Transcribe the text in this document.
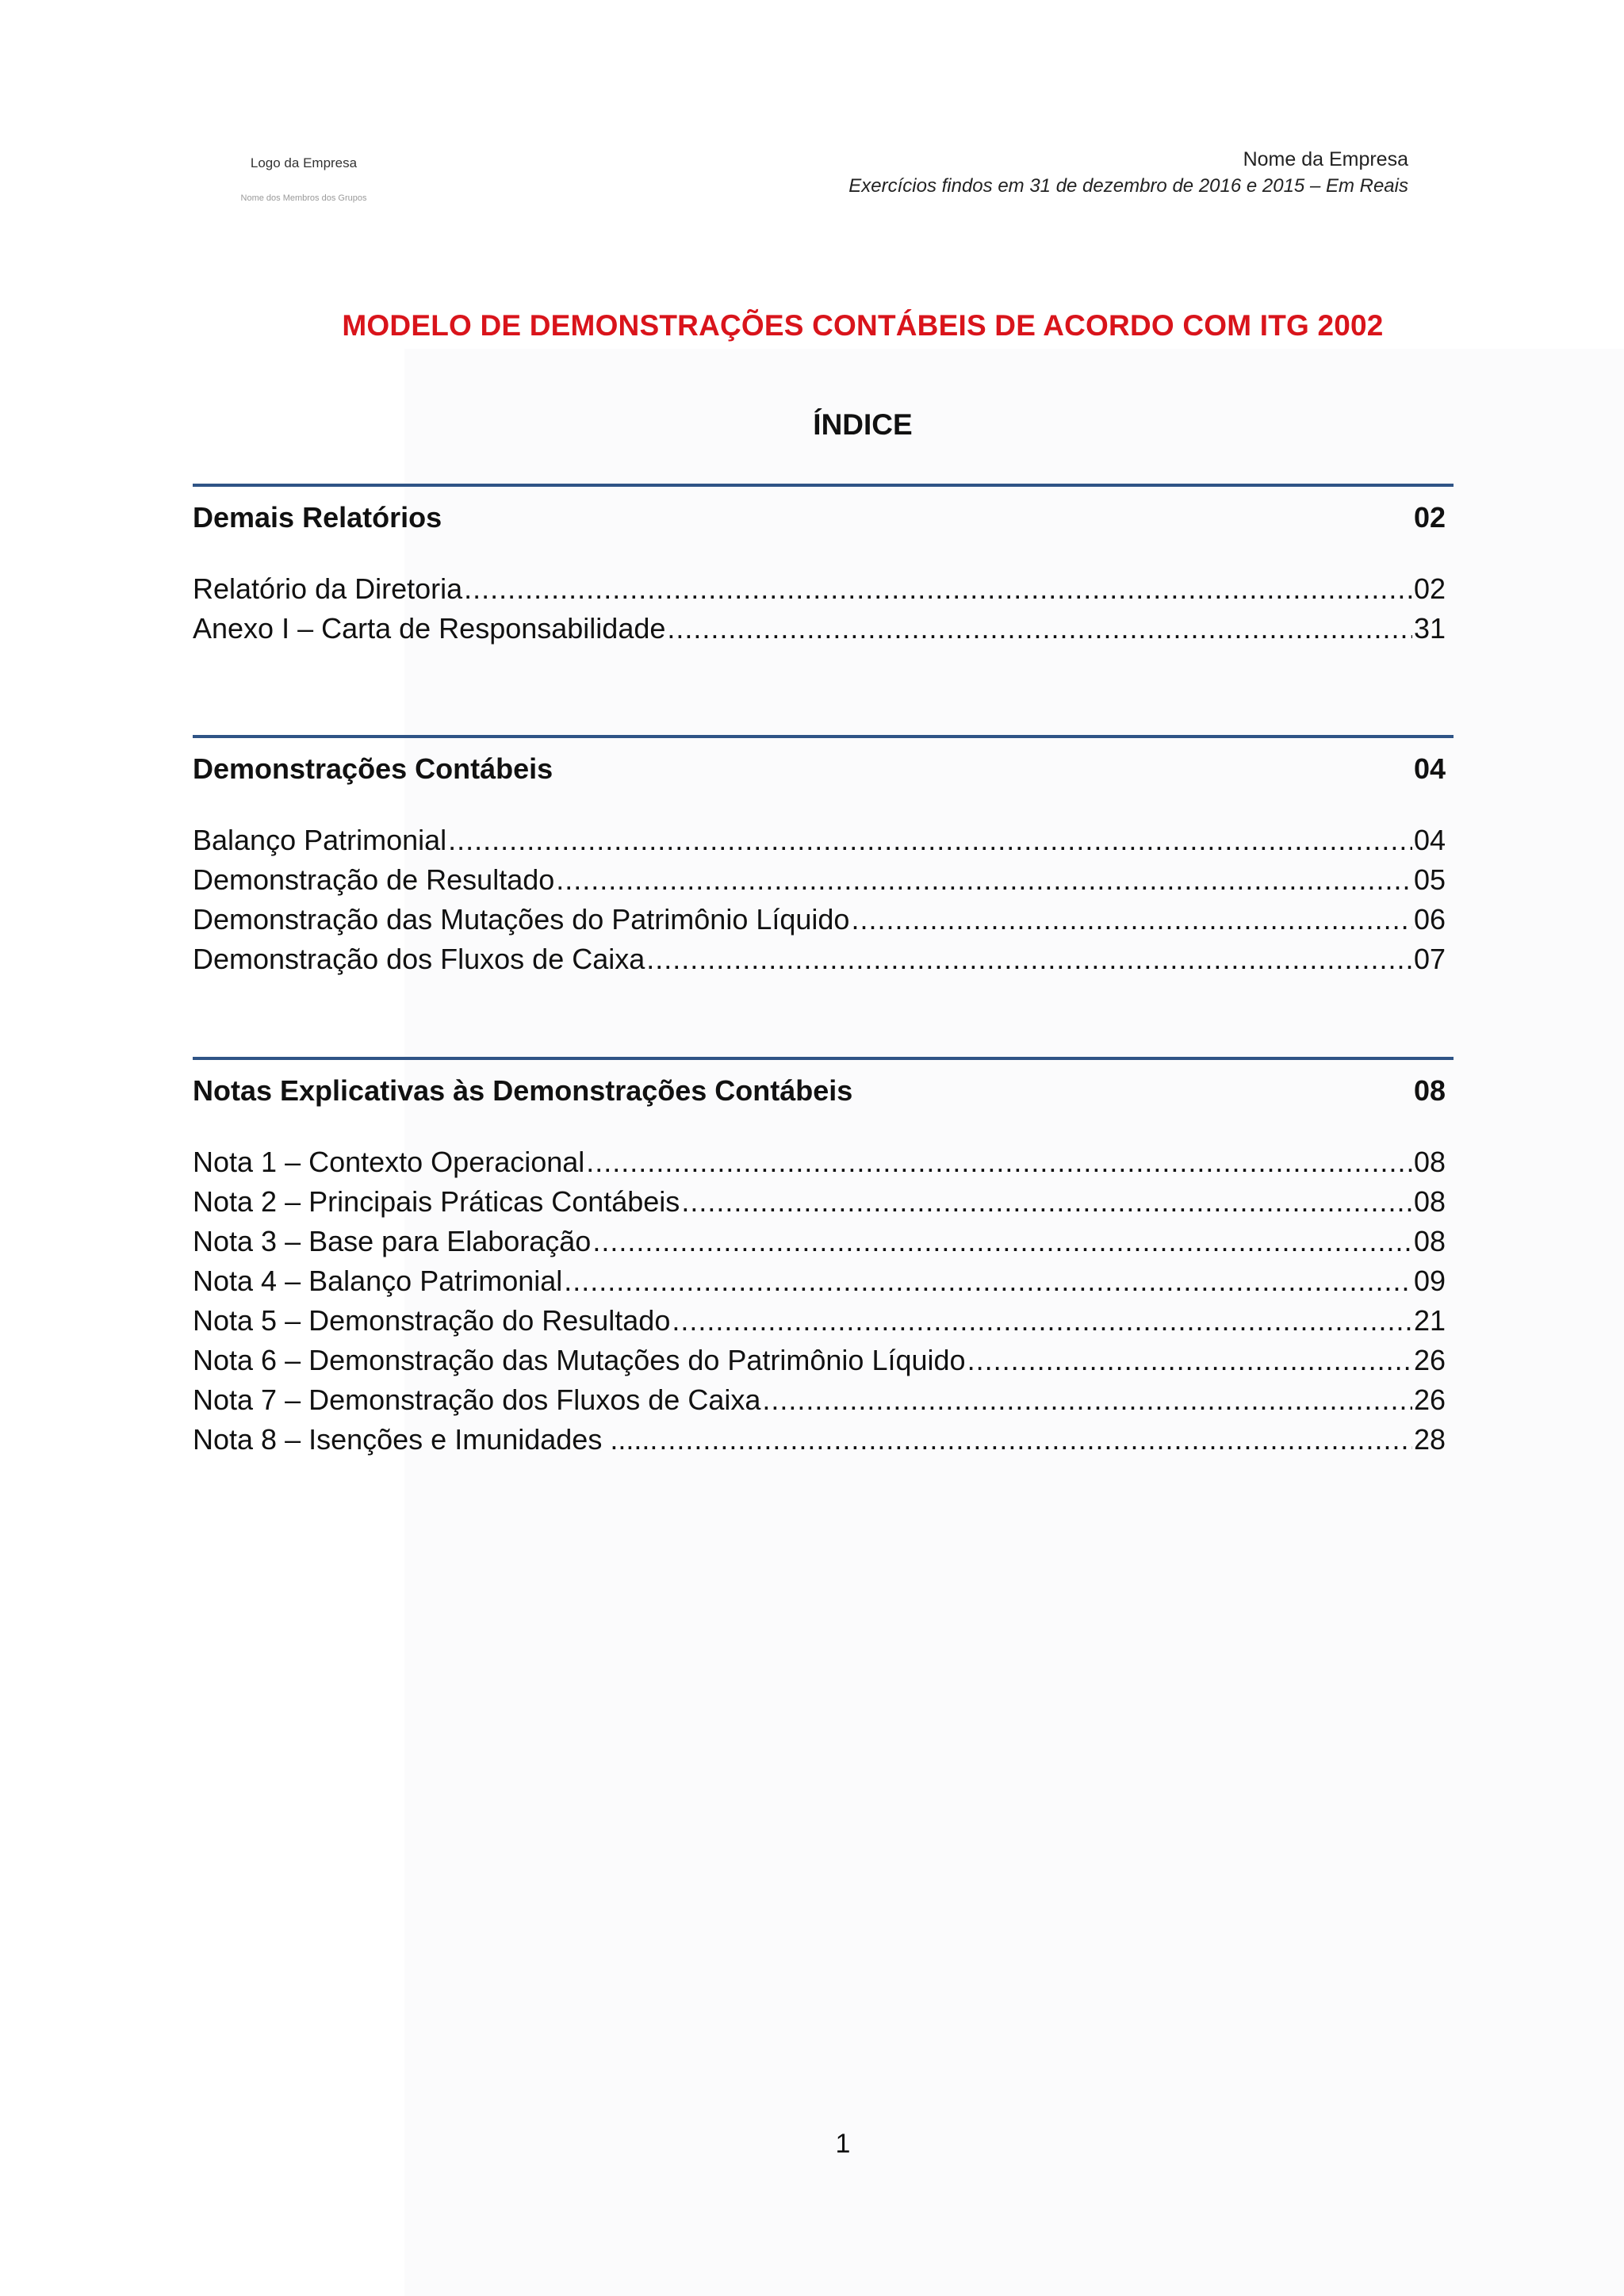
Logo da Empresa
Nome dos Membros dos Grupos
Nome da Empresa
Exercícios findos em 31 de dezembro de 2016 e 2015 – Em Reais
MODELO DE DEMONSTRAÇÕES CONTÁBEIS DE ACORDO COM ITG 2002
ÍNDICE
Demais Relatórios	02
Relatório da Diretoria .....	02
Anexo I – Carta de Responsabilidade .....	31
Demonstrações Contábeis	04
Balanço Patrimonial .....	04
Demonstração de Resultado .....	05
Demonstração das Mutações do Patrimônio Líquido .....	06
Demonstração dos Fluxos de Caixa .....	07
Notas Explicativas às Demonstrações Contábeis	08
Nota 1 – Contexto Operacional .....	08
Nota 2 – Principais Práticas Contábeis .....	08
Nota 3 – Base para Elaboração .....	08
Nota 4 – Balanço Patrimonial .....	09
Nota 5 – Demonstração do Resultado .....	21
Nota 6 – Demonstração das Mutações do Patrimônio Líquido .....	26
Nota 7 – Demonstração dos Fluxos de Caixa .....	26
Nota 8 – Isenções e Imunidades ...... .....	28
1
